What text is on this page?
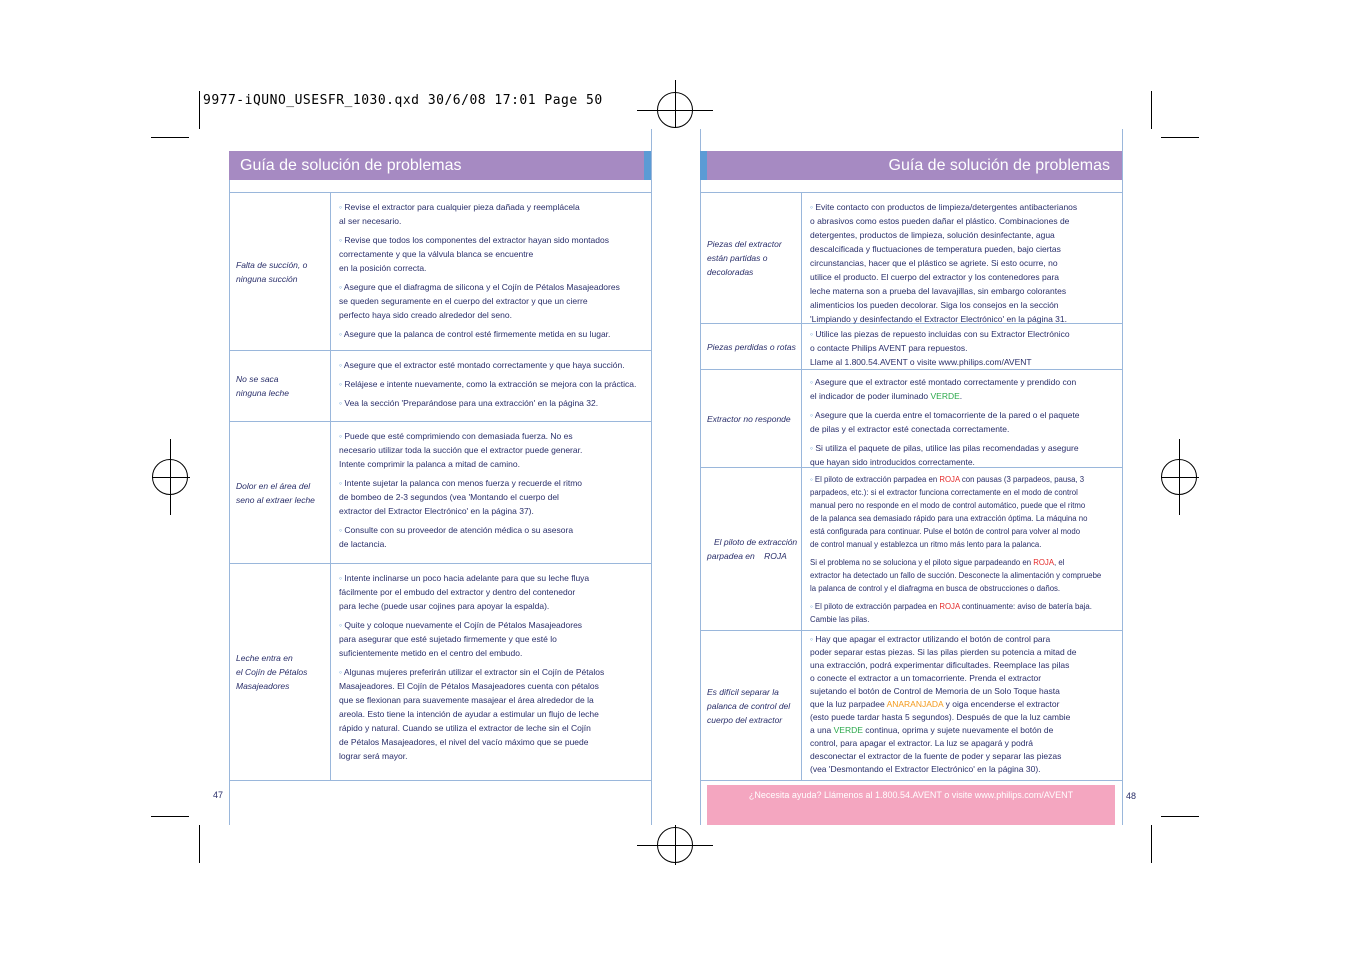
9977-iQUNO_USESFR_1030.qxd 30/6/08 17:01 Page 50
Guía de solución de problemas
Falta de succión, o
ninguna succión

◦ Revise el extractor para cualquier pieza dañada y reemplácela
al ser necesario.

◦ Revise que todos los componentes del extractor hayan sido montados
correctamente y que la válvula blanca se encuentre
en la posición correcta.

◦ Asegure que el diafragma de silicona y el Cojín de Pétalos Masajeadores
se queden seguramente en el cuerpo del extractor y que un cierre
perfecto haya sido creado alrededor del seno.

◦ Asegure que la palanca de control esté firmemente metida en su lugar.

No se saca
ninguna leche

◦ Asegure que el extractor esté montado correctamente y que haya succión.

◦ Relájese e intente nuevamente, como la extracción se mejora con la práctica.

◦ Vea la sección 'Preparándose para una extracción' en la página 32.

Dolor en el área del
seno al extraer leche

◦ Puede que esté comprimiendo con demasiada fuerza. No es
necesario utilizar toda la succión que el extractor puede generar.
Intente comprimir la palanca a mitad de camino.

◦ Intente sujetar la palanca con menos fuerza y recuerde el ritmo
de bombeo de 2-3 segundos (vea 'Montando el cuerpo del
extractor del Extractor Electrónico' en la página 37).

◦ Consulte con su proveedor de atención médica o su asesora
de lactancia.

Leche entra en
el Cojín de Pétalos
Masajeadores

◦ Intente inclinarse un poco hacia adelante para que su leche fluya
fácilmente por el embudo del extractor y dentro del contenedor
para leche (puede usar cojines para apoyar la espalda).

◦ Quite y coloque nuevamente el Cojín de Pétalos Masajeadores
para asegurar que esté sujetado firmemente y que esté lo
suficientemente metido en el centro del embudo.

◦ Algunas mujeres preferirán utilizar el extractor sin el Cojín de Pétalos
Masajeadores. El Cojín de Pétalos Masajeadores cuenta con pétalos
que se flexionan para suavemente masajear el área alrededor de la
areola. Esto tiene la intención de ayudar a estimular un flujo de leche
rápido y natural. Cuando se utiliza el extractor de leche sin el Cojín
de Pétalos Masajeadores, el nivel del vacío máximo que se puede
lograr será mayor.

47
Guía de solución de problemas
Piezas del extractor
están partidas o
decoloradas

◦ Evite contacto con productos de limpieza/detergentes antibacterianos
o abrasivos como estos pueden dañar el plástico. Combinaciones de
detergentes, productos de limpieza, solución desinfectante, agua
descalcificada y fluctuaciones de temperatura pueden, bajo ciertas
circunstancias, hacer que el plástico se agriete. Si esto ocurre, no
utilice el producto. El cuerpo del extractor y los contenedores para
leche materna son a prueba del lavavajillas, sin embargo colorantes
alimenticios los pueden decolorar. Siga los consejos en la sección
'Limpiando y desinfectando el Extractor Electrónico' en la página 31.

Piezas perdidas o rotas

◦ Utilice las piezas de repuesto incluidas con su Extractor Electrónico
o contacte Philips AVENT para repuestos.
Llame al 1.800.54.AVENT o visite www.philips.com/AVENT

Extractor no responde

◦ Asegure que el extractor esté montado correctamente y prendido con
el indicador de poder iluminado VERDE.

◦ Asegure que la cuerda entre el tomacorriente de la pared o el paquete
de pilas y el extractor esté conectada correctamente.

◦ Si utiliza el paquete de pilas, utilice las pilas recomendadas y asegure
que hayan sido introducidos correctamente.

El piloto de extracción
parpadea en ROJA

◦ El piloto de extracción parpadea en ROJA con pausas (3 parpadeos, pausa, 3
parpadeos, etc.): si el extractor funciona correctamente en el modo de control
manual pero no responde en el modo de control automático, puede que el ritmo
de la palanca sea demasiado rápido para una extracción óptima. La máquina no
está configurada para continuar. Pulse el botón de control para volver al modo
de control manual y establezca un ritmo más lento para la palanca.

Si el problema no se soluciona y el piloto sigue parpadeando en ROJA, el
extractor ha detectado un fallo de succión. Desconecte la alimentación y compruebe
la palanca de control y el diafragma en busca de obstrucciones o daños.

◦ El piloto de extracción parpadea en ROJA continuamente: aviso de batería baja.
Cambie las pilas.

Es difícil separar la
palanca de control del
cuerpo del extractor

◦ Hay que apagar el extractor utilizando el botón de control para
poder separar estas piezas. Si las pilas pierden su potencia a mitad de
una extracción, podrá experimentar dificultades. Reemplace las pilas
o conecte el extractor a un tomacorriente. Prenda el extractor
sujetando el botón de Control de Memoria de un Solo Toque hasta
que la luz parpadee ANARANJADA y oiga encenderse el extractor
(esto puede tardar hasta 5 segundos). Después de que la luz cambie
a una VERDE continua, oprima y sujete nuevamente el botón de
control, para apagar el extractor. La luz se apagará y podrá
desconectar el extractor de la fuente de poder y separar las piezas
(vea 'Desmontando el Extractor Electrónico' en la página 30).

¿Necesita ayuda? Llámenos al 1.800.54.AVENT o visite www.philips.com/AVENT	48
